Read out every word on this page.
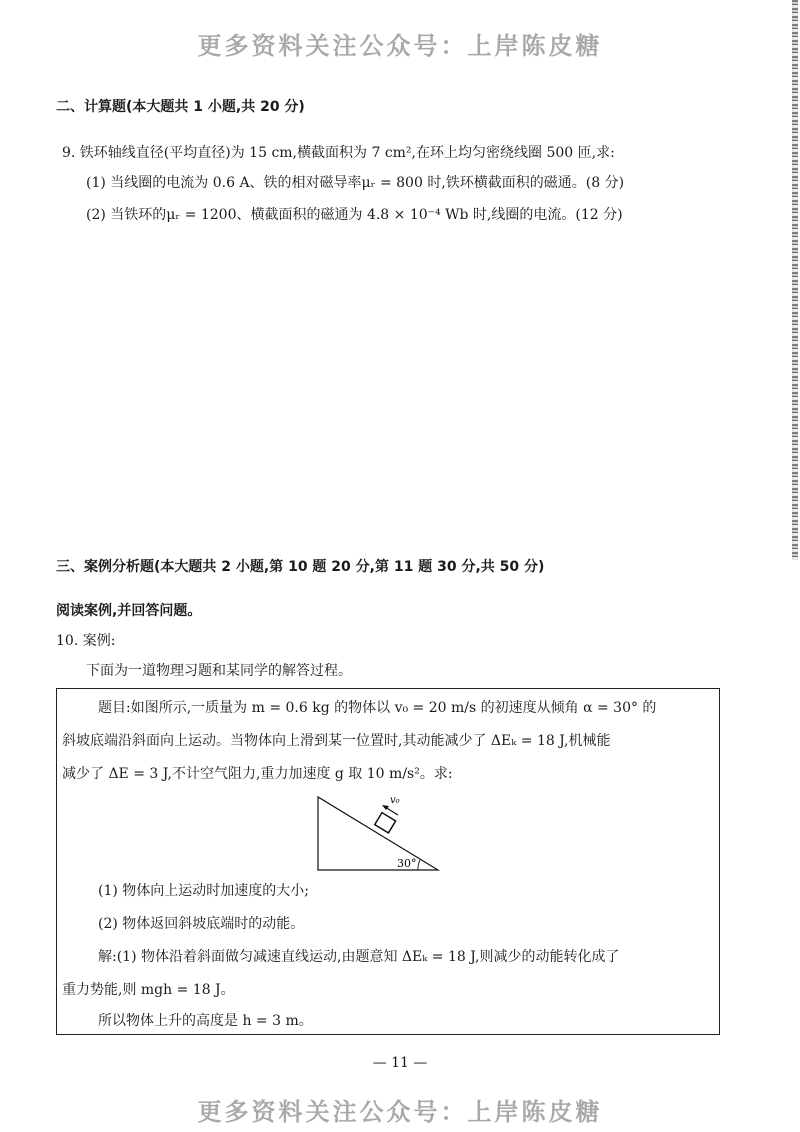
更多资料关注公众号：上岸陈皮糖
二、计算题(本大题共 1 小题,共 20 分)
9. 铁环轴线直径(平均直径)为 15 cm,横截面积为 7 cm²,在环上均匀密绕线圈 500 匝,求:
(1) 当线圈的电流为 0.6 A、铁的相对磁导率μᵣ = 800 时,铁环横截面积的磁通。(8 分)
(2) 当铁环的μᵣ = 1200、横截面积的磁通为 4.8 × 10⁻⁴ Wb 时,线圈的电流。(12 分)
三、案例分析题(本大题共 2 小题,第 10 题 20 分,第 11 题 30 分,共 50 分)
阅读案例,并回答问题。
10. 案例:
下面为一道物理习题和某同学的解答过程。
题目:如图所示,一质量为 m = 0.6 kg 的物体以 v₀ = 20 m/s 的初速度从倾角 α = 30° 的
斜坡底端沿斜面向上运动。当物体向上滑到某一位置时,其动能减少了 ΔEₖ = 18 J,机械能
减少了 ΔE = 3 J,不计空气阻力,重力加速度 g 取 10 m/s²。求:
v₀
30°
(1) 物体向上运动时加速度的大小;
(2) 物体返回斜坡底端时的动能。
解:(1) 物体沿着斜面做匀减速直线运动,由题意知 ΔEₖ = 18 J,则减少的动能转化成了
重力势能,则 mgh = 18 J。
所以物体上升的高度是 h = 3 m。
— 11 —
更多资料关注公众号：上岸陈皮糖
